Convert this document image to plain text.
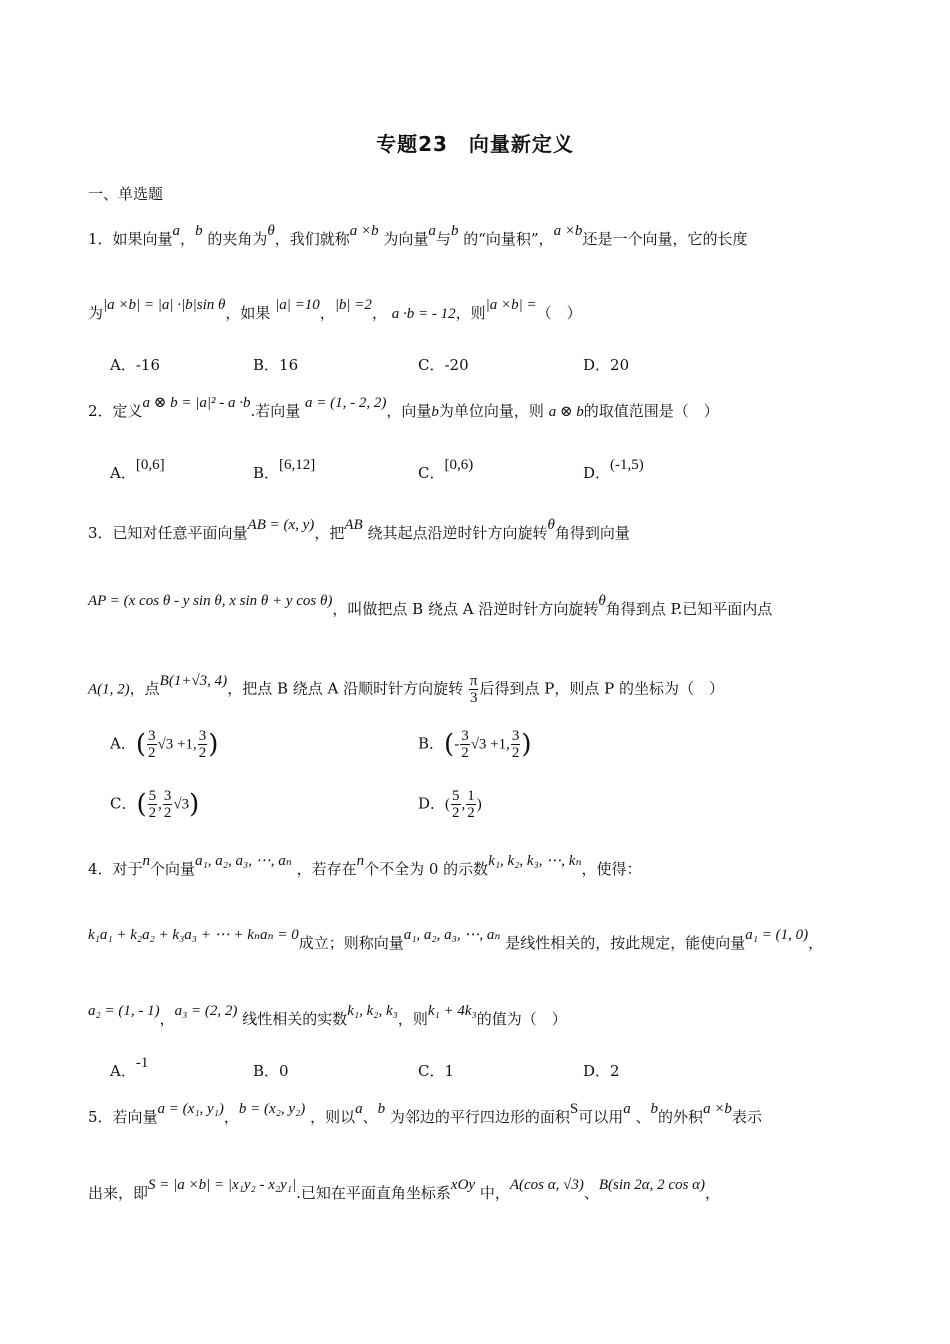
专题23　向量新定义
一、单选题
1．如果向量a，b 的夹角为θ，我们就称a ×b 为向量a与b 的“向量积”，a ×b还是一个向量，它的长度
为|a ×b| = |a| ·|b|sin θ，如果 |a| =10，|b| =2， a ·b = - 12，则|a ×b| =（　）
A．-16	B．16	C．-20	D．20
2．定义a ⊗ b = |a|² - a ·b.若向量 a = (1, - 2, 2)，向量b为单位向量，则 a ⊗ b的取值范围是（　）
A．[0,6]	B．[6,12]	C．[0,6)	D．(-1,5)
3．已知对任意平面向量AB = (x, y)，把AB 绕其起点沿逆时针方向旋转θ角得到向量
AP = (x cos θ - y sin θ, x sin θ + y cos θ)，叫做把点 B 绕点 A 沿逆时针方向旋转θ角得到点 P.已知平面内点
A(1, 2)，点B(1+√3, 4)，把点 B 绕点 A 沿顺时针方向旋转 $\frac{\pi}{3}$ 后得到点 P，则点 P 的坐标为（　）
A．( $\frac{3}{2} √3 +1$, $\frac{3}{2}$ )	B．(- $\frac{3}{2} √3 +1$, $\frac{3}{2}$ )
C．( $\frac{5}{2}$ , $\frac{3}{2} √3$)	D．( $\frac{5}{2}$ , $\frac{1}{2}$ )
4．对于n个向量a₁, a₂, a₃, ⋯, aₙ ，若存在n个不全为 0 的示数k₁, k₂, k₃, ⋯, kₙ，使得：
k₁a₁ + k₂a₂ + k₃a₃ + ⋯ + kₙaₙ = 0成立；则称向量a₁, a₂, a₃, ⋯, aₙ 是线性相关的，按此规定，能使向量a₁ = (1, 0)，
a₂ = (1, - 1)，a₃ = (2, 2) 线性相关的实数k₁, k₂, k₃，则k₁ + 4k₃的值为（　）
A．-1	B．0	C．1	D．2
5．若向量a = (x₁, y₁)，b = (x₂, y₂) ，则以a、b 为邻边的平行四边形的面积S可以用a 、b的外积a ×b表示
出来，即S = |a ×b| = |x₁y₂ - x₂y₁|.已知在平面直角坐标系xOy 中，A(cos α, √3)、B(sin 2α, 2 cos α)，
